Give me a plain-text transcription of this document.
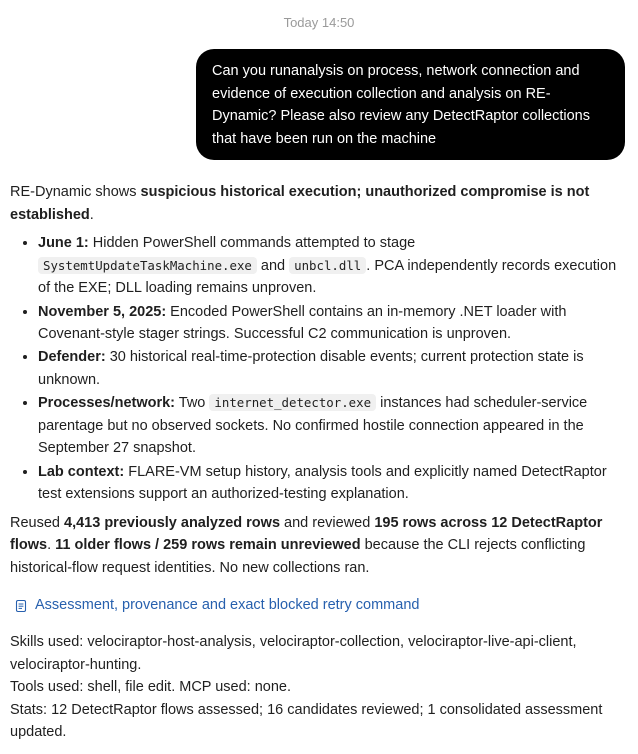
Today 14:50

Can you runanalysis on process, network connection and evidence of execution collection and analysis on RE-Dynamic? Please also review any DetectRaptor collections that have been run on the machine

RE-Dynamic shows suspicious historical execution; unauthorized compromise is not established.

• June 1: Hidden PowerShell commands attempted to stage SystemtUpdateTaskMachine.exe and unbcl.dll . PCA independently records execution of the EXE; DLL loading remains unproven.
• November 5, 2025: Encoded PowerShell contains an in-memory .NET loader with Covenant-style stager strings. Successful C2 communication is unproven.
• Defender: 30 historical real-time-protection disable events; current protection state is unknown.
• Processes/network: Two internet_detector.exe instances had scheduler-service parentage but no observed sockets. No confirmed hostile connection appeared in the September 27 snapshot.
• Lab context: FLARE-VM setup history, analysis tools and explicitly named DetectRaptor test extensions support an authorized-testing explanation.

Reused 4,413 previously analyzed rows and reviewed 195 rows across 12 DetectRaptor flows. 11 older flows / 259 rows remain unreviewed because the CLI rejects conflicting historical-flow request identities. No new collections ran.

Assessment, provenance and exact blocked retry command

Skills used: velociraptor-host-analysis, velociraptor-collection, velociraptor-live-api-client, velociraptor-hunting.

Tools used: shell, file edit. MCP used: none.

Stats: 12 DetectRaptor flows assessed; 16 candidates reviewed; 1 consolidated assessment updated.
